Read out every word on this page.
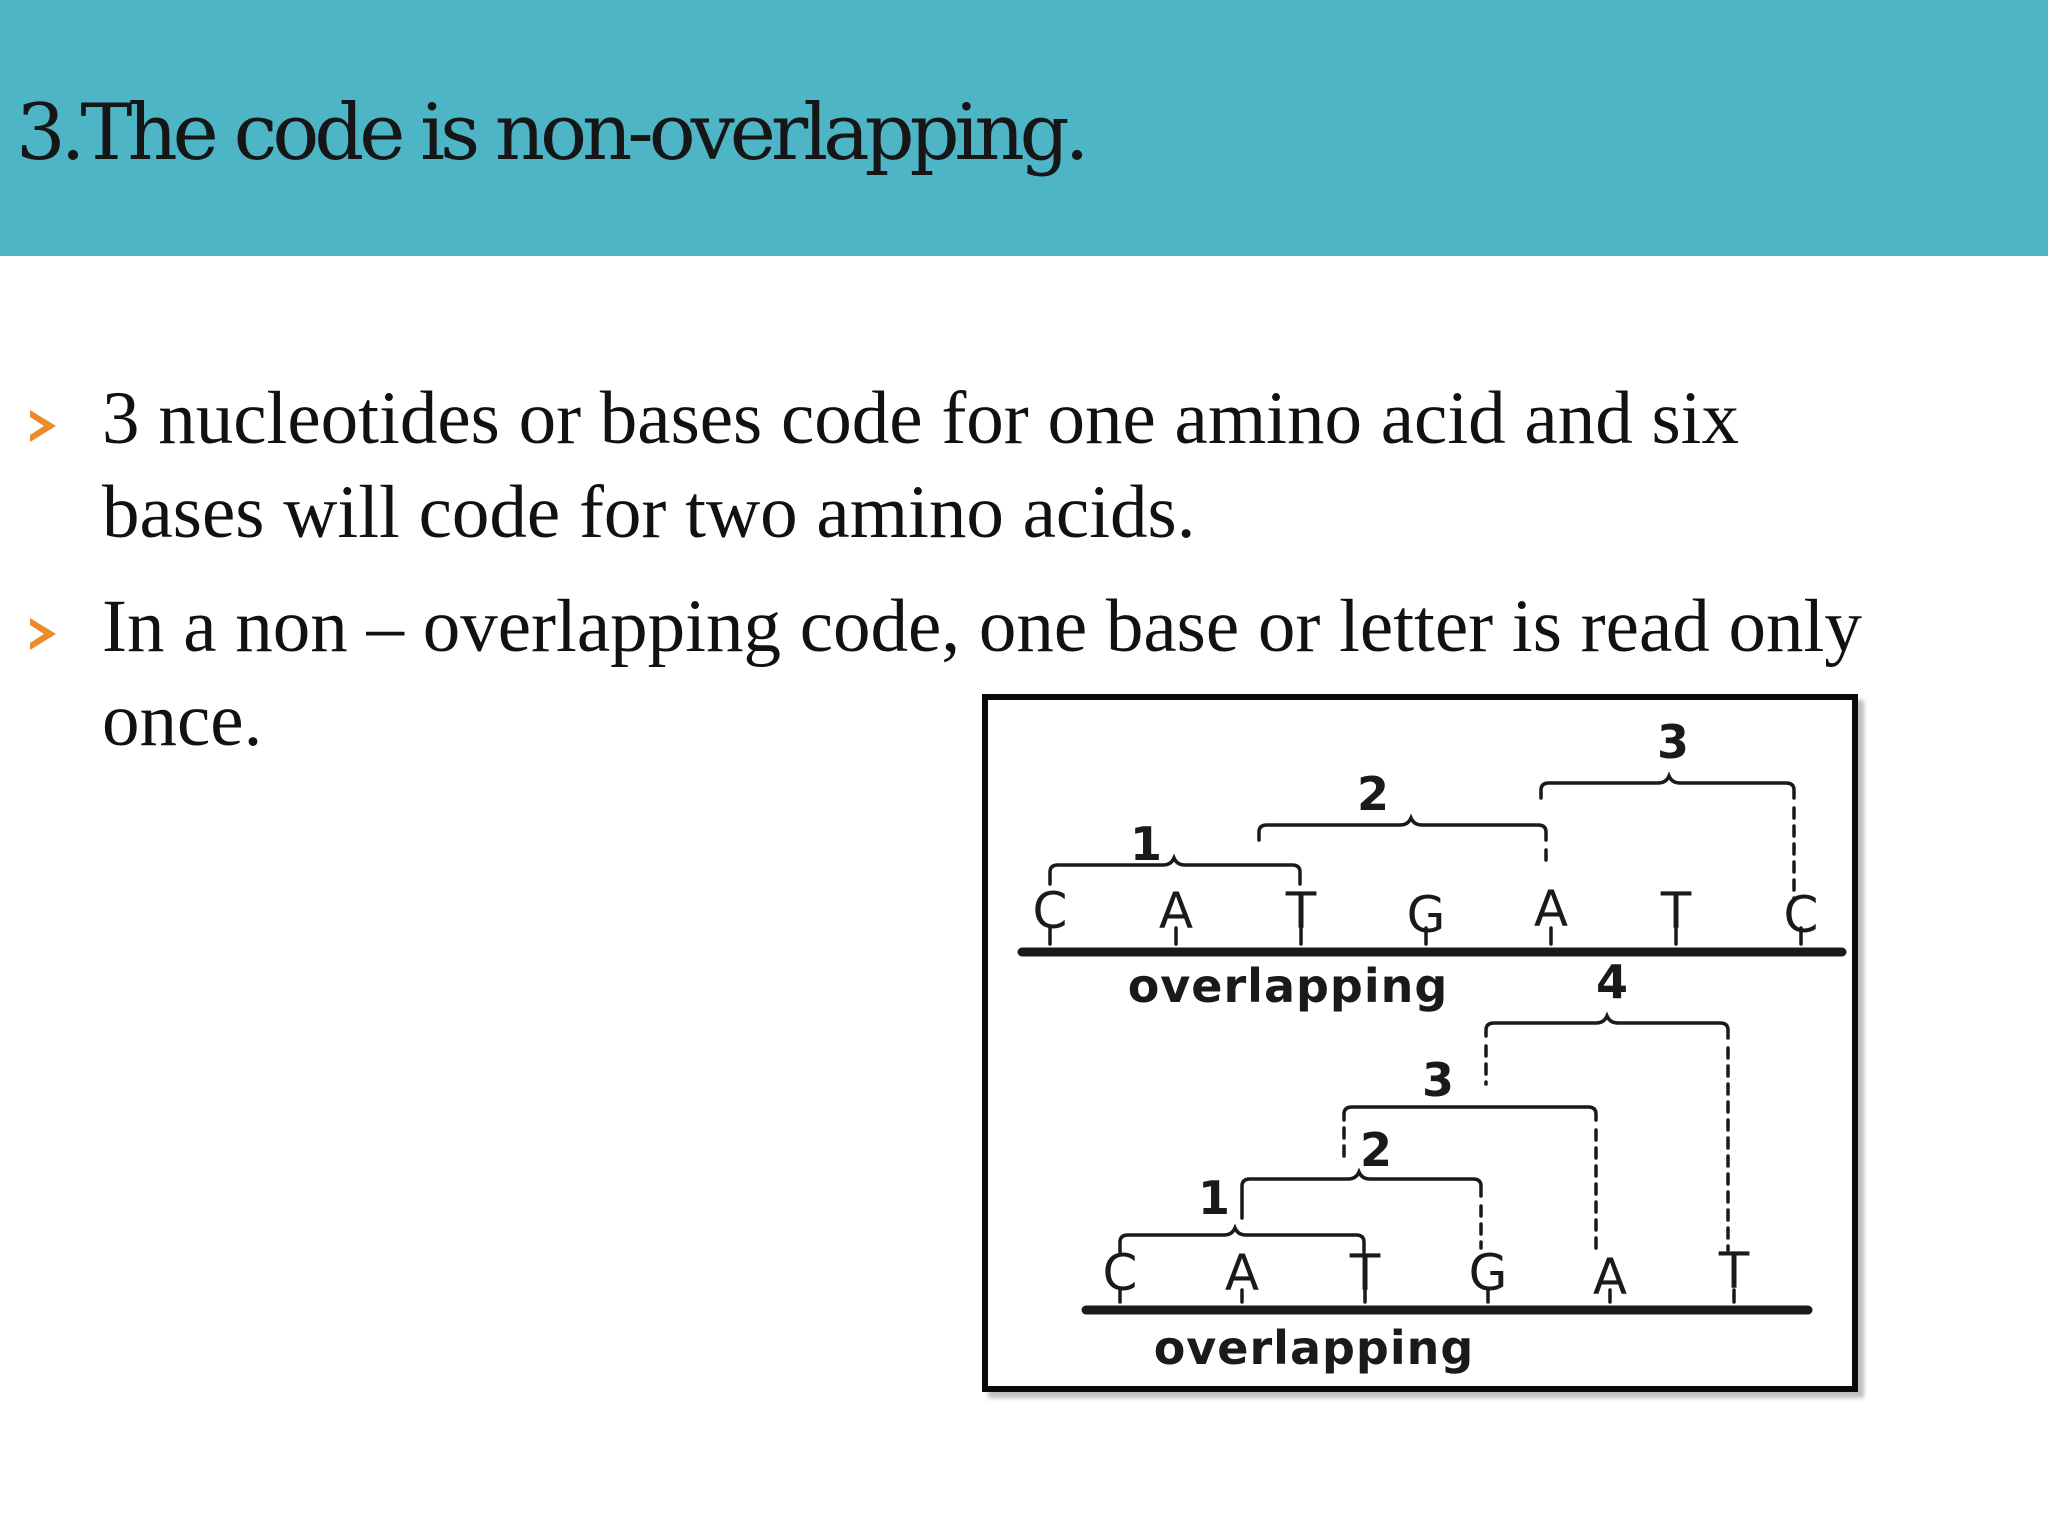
3.The code is non-overlapping.
3 nucleotides or bases code for one amino acid and six
bases will code for two amino acids.
In a non – overlapping code, one base or letter is read only
once.
C A T G A T C
1
2
3
overlapping
C A T G A T
1
2
3
4
overlapping
